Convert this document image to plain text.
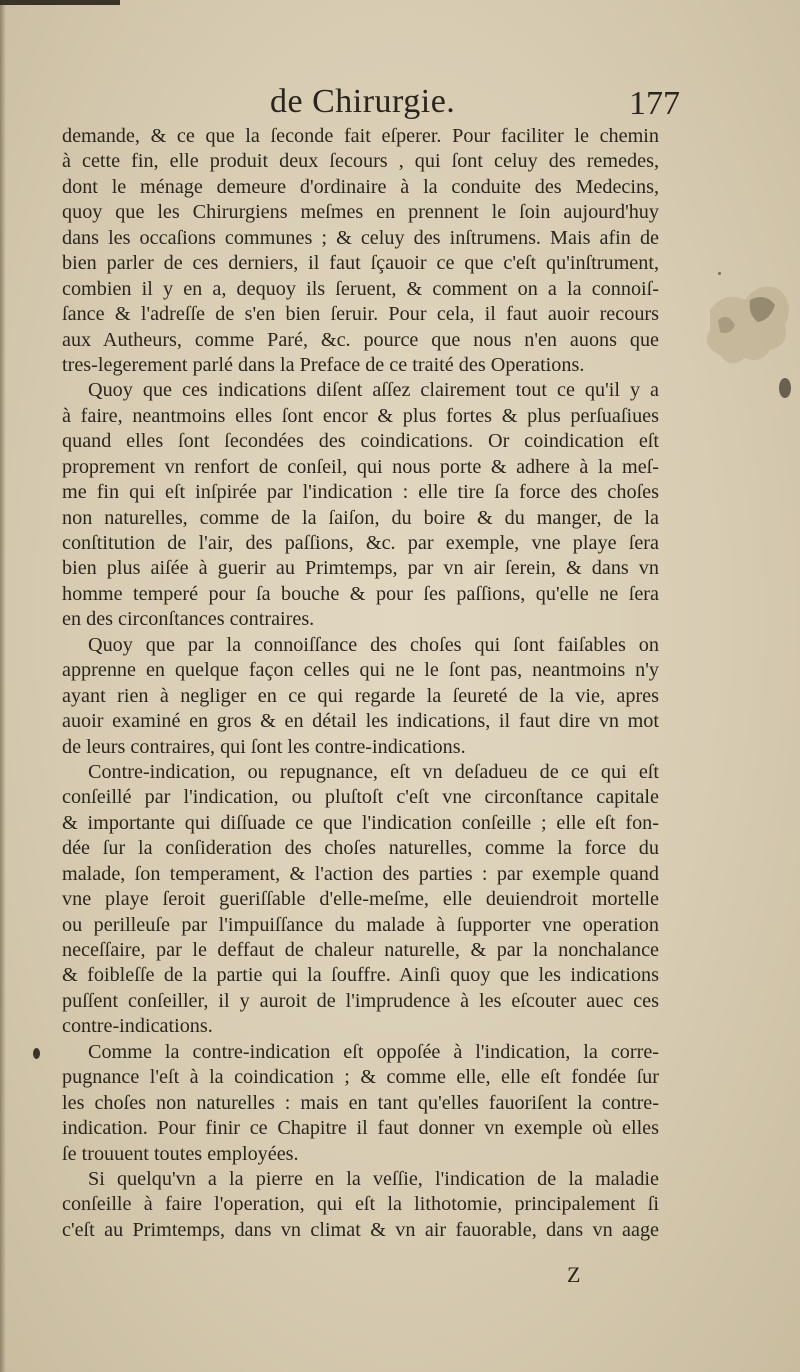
de Chirurgie.	177
demande, & ce que la ſeconde fait eſperer. Pour faciliter le chemin
à cette fin, elle produit deux ſecours , qui ſont celuy des remedes,
dont le ménage demeure d'ordinaire à la conduite des Medecins,
quoy que les Chirurgiens meſmes en prennent le ſoin aujourd'huy
dans les occaſions communes ; & celuy des inſtrumens. Mais afin de
bien parler de ces derniers, il faut ſçauoir ce que c'eſt qu'inſtrument,
combien il y en a, dequoy ils ſeruent, & comment on a la connoiſ-
ſance & l'adreſſe de s'en bien ſeruir. Pour cela, il faut auoir recours
aux Autheurs, comme Paré, &c. pource que nous n'en auons que
tres-legerement parlé dans la Preface de ce traité des Operations.
Quoy que ces indications diſent aſſez clairement tout ce qu'il y a
à faire, neantmoins elles ſont encor & plus fortes & plus perſuaſiues
quand elles ſont ſecondées des coindications. Or coindication eſt
proprement vn renfort de conſeil, qui nous porte & adhere à la meſ-
me fin qui eſt inſpirée par l'indication : elle tire ſa force des choſes
non naturelles, comme de la ſaiſon, du boire & du manger, de la
conſtitution de l'air, des paſſions, &c. par exemple, vne playe ſera
bien plus aiſée à guerir au Primtemps, par vn air ſerein, & dans vn
homme temperé pour ſa bouche & pour ſes paſſions, qu'elle ne ſera
en des circonſtances contraires.
Quoy que par la connoiſſance des choſes qui ſont faiſables on
apprenne en quelque façon celles qui ne le ſont pas, neantmoins n'y
ayant rien à negliger en ce qui regarde la ſeureté de la vie, apres
auoir examiné en gros & en détail les indications, il faut dire vn mot
de leurs contraires, qui ſont les contre-indications.
Contre-indication, ou repugnance, eſt vn deſadueu de ce qui eſt
conſeillé par l'indication, ou pluſtoſt c'eſt vne circonſtance capitale
& importante qui diſſuade ce que l'indication conſeille ; elle eſt fon-
dée ſur la conſideration des choſes naturelles, comme la force du
malade, ſon temperament, & l'action des parties : par exemple quand
vne playe ſeroit gueriſſable d'elle-meſme, elle deuiendroit mortelle
ou perilleuſe par l'impuiſſance du malade à ſupporter vne operation
neceſſaire, par le deffaut de chaleur naturelle, & par la nonchalance
& foibleſſe de la partie qui la ſouffre. Ainſi quoy que les indications
puſſent conſeiller, il y auroit de l'imprudence à les eſcouter auec ces
contre-indications.
Comme la contre-indication eſt oppoſée à l'indication, la corre-
pugnance l'eſt à la coindication ; & comme elle, elle eſt fondée ſur
les choſes non naturelles : mais en tant qu'elles fauoriſent la contre-
indication. Pour finir ce Chapitre il faut donner vn exemple où elles
ſe trouuent toutes employées.
Si quelqu'vn a la pierre en la veſſie, l'indication de la maladie
conſeille à faire l'operation, qui eſt la lithotomie, principalement ſi
c'eſt au Primtemps, dans vn climat & vn air fauorable, dans vn aage
Z
